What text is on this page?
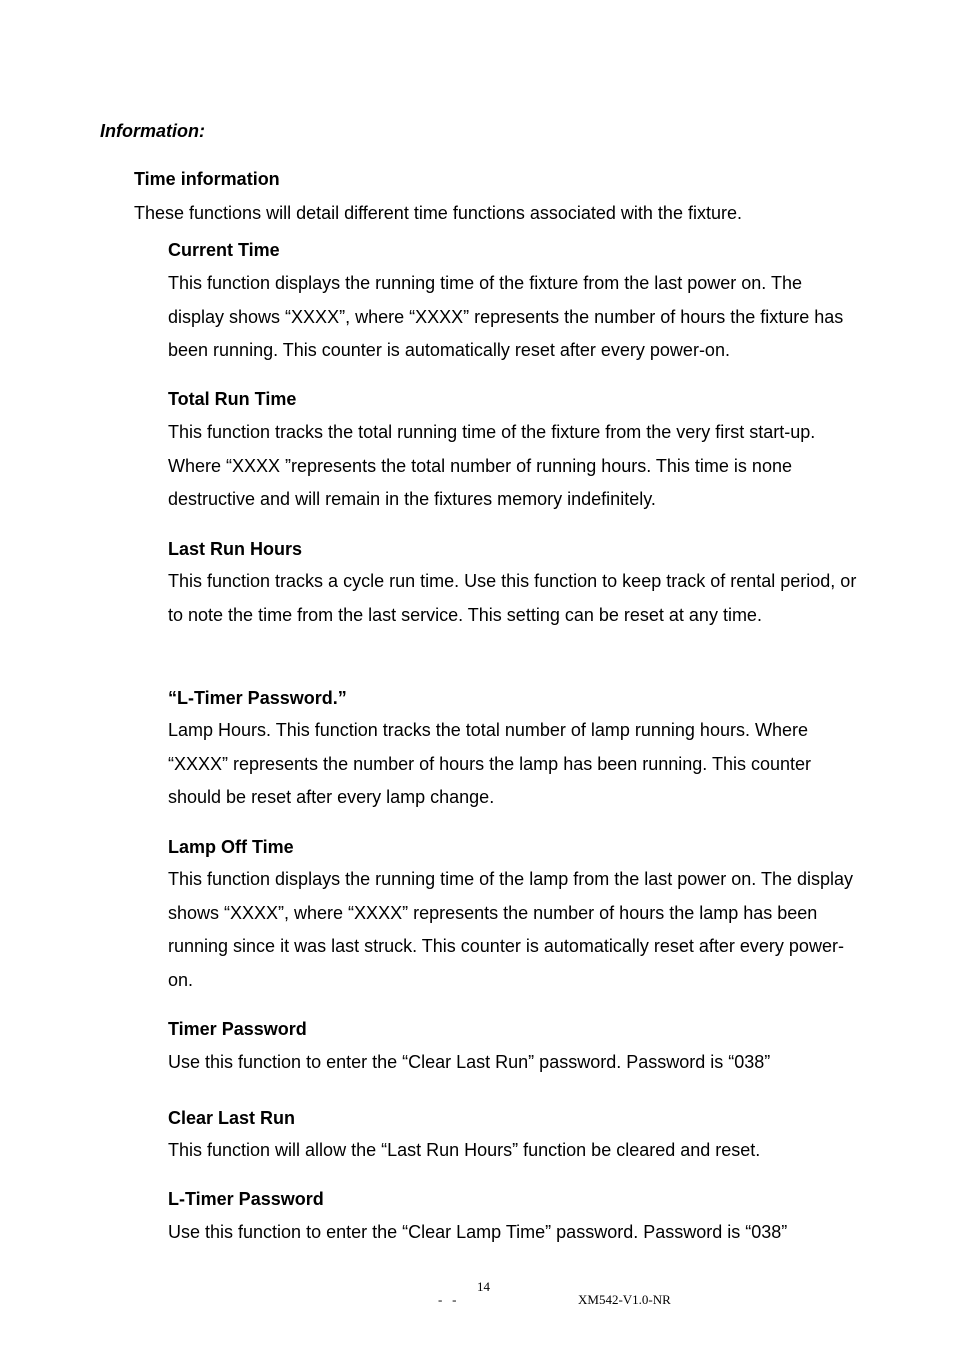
Information:
Time information
These functions will detail different time functions associated with the fixture.
Current Time
This function displays the running time of the fixture from the last power on. The display shows “XXXX”, where “XXXX” represents the number of hours the fixture has been running. This counter is automatically reset after every power-on.
Total Run Time
This function tracks the total running time of the fixture from the very first start-up. Where “XXXX ”represents the total number of running hours. This time is none destructive and will remain in the fixtures memory indefinitely.
Last Run Hours
This function tracks a cycle run time. Use this function to keep track of rental period, or to note the time from the last service. This setting can be reset at any time.
“L-Timer Password.”
Lamp Hours. This function tracks the total number of lamp running hours. Where “XXXX” represents the number of hours the lamp has been running. This counter should be reset after every lamp change.
Lamp Off Time
This function displays the running time of the lamp from the last power on. The display shows “XXXX”, where “XXXX” represents the number of hours the lamp has been running since it was last struck. This counter is automatically reset after every power-on.
Timer Password
Use this function to enter the “Clear Last Run” password. Password is “038”
Clear Last Run
This function will allow the “Last Run Hours” function be cleared and reset.
L-Timer Password
Use this function to enter the “Clear Lamp Time” password. Password is “038”
14
-   -	XM542-V1.0-NR
